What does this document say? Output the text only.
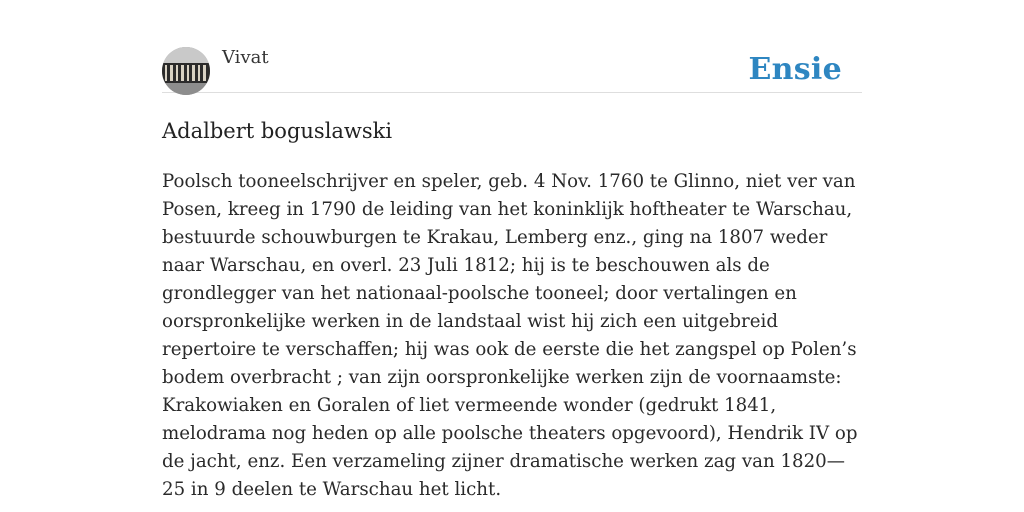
Vivat	Ensie
Adalbert boguslawski

Poolsch tooneelschrijver en speler, geb. 4 Nov. 1760 te Glinno, niet ver van Posen, kreeg in 1790 de leiding van het koninklijk hoftheater te Warschau, bestuurde schouwburgen te Krakau, Lemberg enz., ging na 1807 weder naar Warschau, en overl. 23 Juli 1812; hij is te beschouwen als de grondlegger van het nationaal-poolsche tooneel; door vertalingen en oorspronkelijke werken in de landstaal wist hij zich een uitgebreid repertoire te verschaffen; hij was ook de eerste die het zangspel op Polen’s bodem overbracht ; van zijn oorspronkelijke werken zijn de voornaamste: Krakowiaken en Goralen of liet vermeende wonder (gedrukt 1841, melodrama nog heden op alle poolsche theaters opgevoord), Hendrik IV op de jacht, enz. Een verzameling zijner dramatische werken zag van 1820—25 in 9 deelen te Warschau het licht.
